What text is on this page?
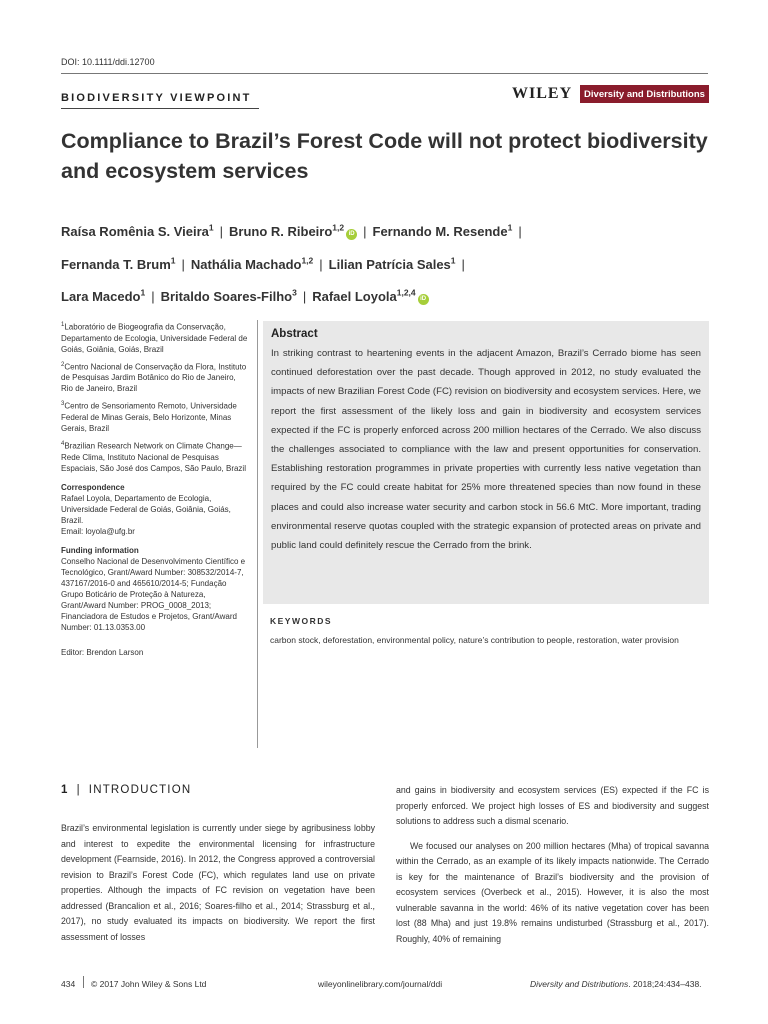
DOI: 10.1111/ddi.12700
BIODIVERSITY VIEWPOINT	WILEY	Diversity and Distributions
Compliance to Brazil’s Forest Code will not protect biodiversity and ecosystem services
Raísa Romênia S. Vieira$^1$ | Bruno R. Ribeiro$^{1,2}$iD | Fernando M. Resende$^1$ |
Fernanda T. Brum$^1$ | Nathália Machado$^{1,2}$ | Lilian Patrícia Sales$^1$ |
Lara Macedo$^1$ | Britaldo Soares-Filho$^3$ | Rafael Loyola$^{1,2,4}$iD
$^1$Laboratório de Biogeografia da Conservação, Departamento de Ecologia, Universidade Federal de Goiás, Goiânia, Goiás, Brazil
$^2$Centro Nacional de Conservação da Flora, Instituto de Pesquisas Jardim Botânico do Rio de Janeiro, Rio de Janeiro, Brazil
$^3$Centro de Sensoriamento Remoto, Universidade Federal de Minas Gerais, Belo Horizonte, Minas Gerais, Brazil
$^4$Brazilian Research Network on Climate Change—Rede Clima, Instituto Nacional de Pesquisas Espaciais, São José dos Campos, São Paulo, Brazil
Correspondence

Rafael Loyola, Departamento de Ecologia, Universidade Federal de Goiás, Goiânia, Goiás, Brazil.

Email: loyola@ufg.br

Funding information

Conselho Nacional de Desenvolvimento Científico e Tecnológico, Grant/Award Number: 308532/2014-7, 437167/2016-0 and 465610/2014-5; Fundação Grupo Boticário de Proteção à Natureza, Grant/Award Number: PROG_0008_2013; Financiadora de Estudos e Projetos, Grant/Award Number: 01.13.0353.00

Editor: Brendon Larson

Abstract
In striking contrast to heartening events in the adjacent Amazon, Brazil’s Cerrado biome has seen continued deforestation over the past decade. Though approved in 2012, no study evaluated the impacts of new Brazilian Forest Code (FC) revision on biodiversity and ecosystem services. Here, we report the first assessment of the likely loss and gain in biodiversity and ecosystem services expected if the FC is properly enforced across 200 million hectares of the Cerrado. We also discuss the challenges associated to compliance with the law and present opportunities for conservation. Establishing restoration programmes in private properties with currently less native vegetation than required by the FC could create habitat for 25% more threatened species than now found in these places and could also increase water security and carbon stock in 56.6 MtC. More important, trading environmental reserve quotas coupled with the strategic expansion of protected areas on private and public land could definitely rescue the Cerrado from the brink.
KEYWORDS
carbon stock, deforestation, environmental policy, nature’s contribution to people, restoration, water provision
1 | INTRODUCTION
Brazil’s environmental legislation is currently under siege by agribusiness lobby and interest to expedite the environmental licensing for infrastructure development (Fearnside, 2016). In 2012, the Congress approved a controversial revision to Brazil’s Forest Code (FC), which regulates land use on private properties. Although the impacts of FC revision on vegetation have been addressed (Brancalion et al., 2016; Soares-filho et al., 2014; Strassburg et al., 2017), no study evaluated its impacts on biodiversity. We report the first assessment of losses

and gains in biodiversity and ecosystem services (ES) expected if the FC is properly enforced. We project high losses of ES and biodiversity and suggest solutions to address such a dismal scenario.

We focused our analyses on 200 million hectares (Mha) of tropical savanna within the Cerrado, as an example of its likely impacts nationwide. The Cerrado is key for the maintenance of Brazil’s biodiversity and the provision of ecosystem services (Overbeck et al., 2015). However, it is also the most vulnerable savanna in the world: 46% of its native vegetation cover has been lost (88 Mha) and just 19.8% remains undisturbed (Strassburg et al., 2017). Roughly, 40% of remaining

434 © 2017 John Wiley & Sons Ltd	wileyonlinelibrary.com/journal/ddi	Diversity and Distributions. 2018;24:434–438.
